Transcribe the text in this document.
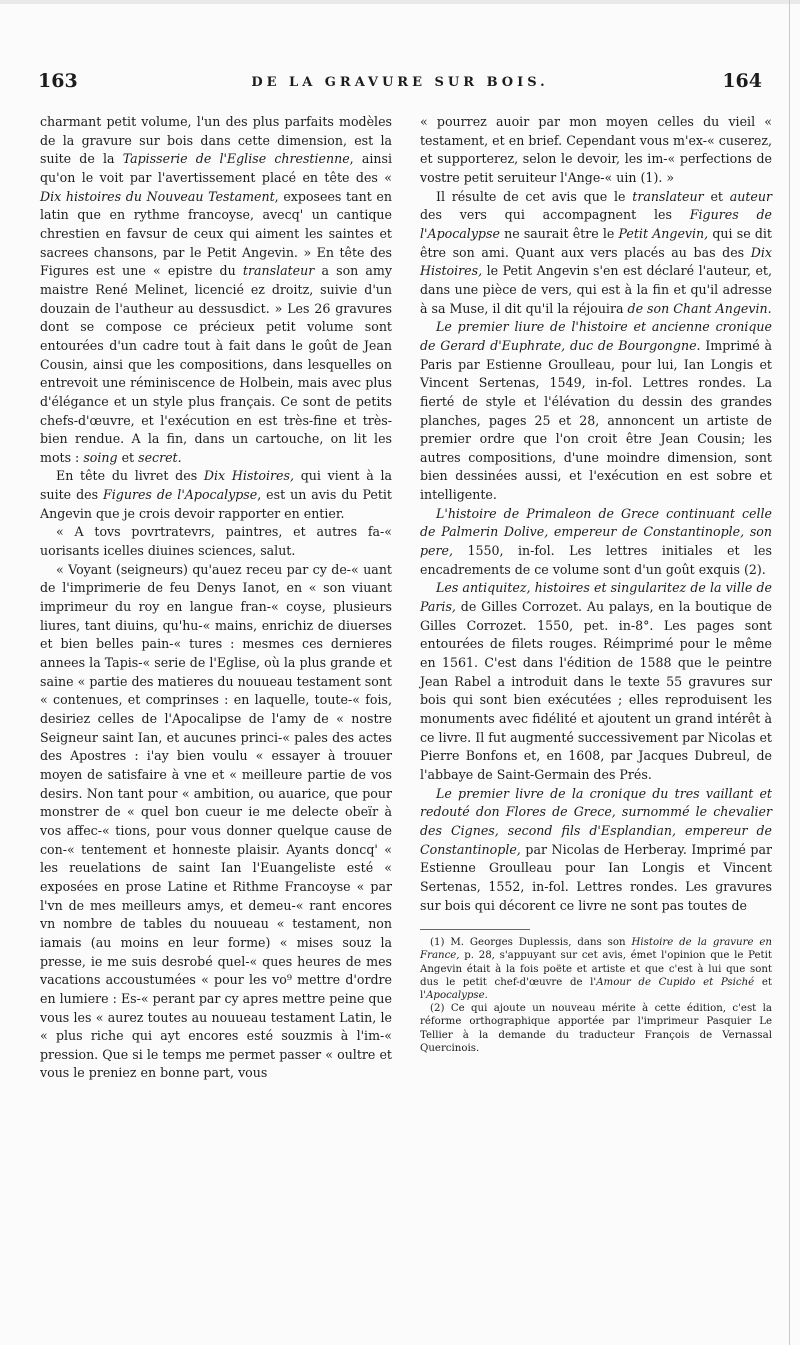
163	DE LA GRAVURE SUR BOIS.	164

charmant petit volume, l'un des plus parfaits modèles de la gravure sur bois dans cette dimension, est la suite de la Tapisserie de l'Eglise chrestienne, ainsi qu'on le voit par l'avertissement placé en tête des « Dix histoires du Nouveau Testament, exposees tant en latin que en rythme francoyse, avecq' un cantique chrestien en favsur de ceux qui aiment les saintes et sacrees chansons, par le Petit Angevin. » En tête des Figures est une « epistre du translateur a son amy maistre René Melinet, licencié ez droitz, suivie d'un douzain de l'autheur au dessusdict. » Les 26 gravures dont se compose ce précieux petit volume sont entourées d'un cadre tout à fait dans le goût de Jean Cousin, ainsi que les compositions, dans lesquelles on entrevoit une réminiscence de Holbein, mais avec plus d'élégance et un style plus français. Ce sont de petits chefs-d'œuvre, et l'exécution en est très-fine et très-bien rendue. A la fin, dans un cartouche, on lit les mots : soing et secret.

En tête du livret des Dix Histoires, qui vient à la suite des Figures de l'Apocalypse, est un avis du Petit Angevin que je crois devoir rapporter en entier.

« A tovs povrtratevrs, paintres, et autres fa-« uorisants icelles diuines sciences, salut.

« Voyant (seigneurs) qu'auez receu par cy de-« uant de l'imprimerie de feu Denys Ianot, en « son viuant imprimeur du roy en langue fran-« coyse, plusieurs liures, tant diuins, qu'hu-« mains, enrichiz de diuerses et bien belles pain-« tures : mesmes ces dernieres annees la Tapis-« serie de l'Eglise, où la plus grande et saine « partie des matieres du nouueau testament sont « contenues, et comprinses : en laquelle, toute-« fois, desiriez celles de l'Apocalipse de l'amy de « nostre Seigneur saint Ian, et aucunes princi-« pales des actes des Apostres : i'ay bien voulu « essayer à trouuer moyen de satisfaire à vne et « meilleure partie de vos desirs. Non tant pour « ambition, ou auarice, que pour monstrer de « quel bon cueur ie me delecte obeïr à vos affec-« tions, pour vous donner quelque cause de con-« tentement et honneste plaisir. Ayants doncq' « les reuelations de saint Ian l'Euangeliste esté « exposées en prose Latine et Rithme Francoyse « par l'vn de mes meilleurs amys, et demeu-« rant encores vn nombre de tables du nouueau « testament, non iamais (au moins en leur forme) « mises souz la presse, ie me suis desrobé quel-« ques heures de mes vacations accoustumées « pour les vo⁹ mettre d'ordre en lumiere : Es-« perant par cy apres mettre peine que vous les « aurez toutes au nouueau testament Latin, le « plus riche qui ayt encores esté souzmis à l'im-« pression. Que si le temps me permet passer « oultre et vous le preniez en bonne part, vous

« pourrez auoir par mon moyen celles du vieil « testament, et en brief. Cependant vous m'ex-« cuserez, et supporterez, selon le devoir, les im-« perfections de vostre petit seruiteur l'Ange-« uin (1). »

Il résulte de cet avis que le translateur et auteur des vers qui accompagnent les Figures de l'Apocalypse ne saurait être le Petit Angevin, qui se dit être son ami. Quant aux vers placés au bas des Dix Histoires, le Petit Angevin s'en est déclaré l'auteur, et, dans une pièce de vers, qui est à la fin et qu'il adresse à sa Muse, il dit qu'il la réjouira de son Chant Angevin.

Le premier liure de l'histoire et ancienne cronique de Gerard d'Euphrate, duc de Bourgongne. Imprimé à Paris par Estienne Groulleau, pour lui, Ian Longis et Vincent Sertenas, 1549, in-fol. Lettres rondes. La fierté de style et l'élévation du dessin des grandes planches, pages 25 et 28, annoncent un artiste de premier ordre que l'on croit être Jean Cousin; les autres compositions, d'une moindre dimension, sont bien dessinées aussi, et l'exécution en est sobre et intelligente.

L'histoire de Primaleon de Grece continuant celle de Palmerin Dolive, empereur de Constantinople, son pere, 1550, in-fol. Les lettres initiales et les encadrements de ce volume sont d'un goût exquis (2).

Les antiquitez, histoires et singularitez de la ville de Paris, de Gilles Corrozet. Au palays, en la boutique de Gilles Corrozet. 1550, pet. in-8°. Les pages sont entourées de filets rouges. Réimprimé pour le même en 1561. C'est dans l'édition de 1588 que le peintre Jean Rabel a introduit dans le texte 55 gravures sur bois qui sont bien exécutées ; elles reproduisent les monuments avec fidélité et ajoutent un grand intérêt à ce livre. Il fut augmenté successivement par Nicolas et Pierre Bonfons et, en 1608, par Jacques Dubreul, de l'abbaye de Saint-Germain des Prés.

Le premier livre de la cronique du tres vaillant et redouté don Flores de Grece, surnommé le chevalier des Cignes, second fils d'Esplandian, empereur de Constantinople, par Nicolas de Herberay. Imprimé par Estienne Groulleau pour Ian Longis et Vincent Sertenas, 1552, in-fol. Lettres rondes. Les gravures sur bois qui décorent ce livre ne sont pas toutes de

(1) M. Georges Duplessis, dans son Histoire de la gravure en France, p. 28, s'appuyant sur cet avis, émet l'opinion que le Petit Angevin était à la fois poëte et artiste et que c'est à lui que sont dus le petit chef-d'œuvre de l'Amour de Cupido et Psiché et l'Apocalypse.

(2) Ce qui ajoute un nouveau mérite à cette édition, c'est la réforme orthographique apportée par l'imprimeur Pasquier Le Tellier à la demande du traducteur François de Vernassal Quercinois.
